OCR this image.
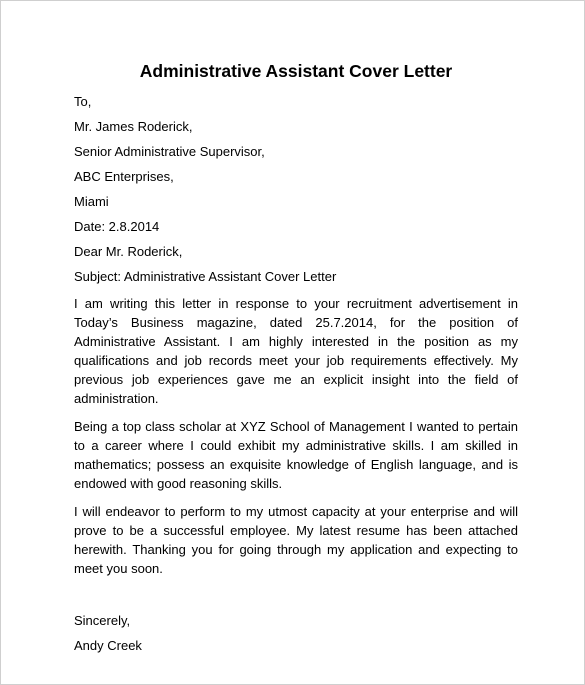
Administrative Assistant Cover Letter
To,
Mr. James Roderick,
Senior Administrative Supervisor,
ABC Enterprises,
Miami
Date: 2.8.2014
Dear Mr. Roderick,
Subject: Administrative Assistant Cover Letter
I am writing this letter in response to your recruitment advertisement in Today’s Business magazine, dated 25.7.2014, for the position of Administrative Assistant. I am highly interested in the position as my qualifications and job records meet your job requirements effectively. My previous job experiences gave me an explicit insight into the field of administration.
Being a top class scholar at XYZ School of Management I wanted to pertain to a career where I could exhibit my administrative skills. I am skilled in mathematics; possess an exquisite knowledge of English language, and is endowed with good reasoning skills.
I will endeavor to perform to my utmost capacity at your enterprise and will prove to be a successful employee. My latest resume has been attached herewith. Thanking you for going through my application and expecting to meet you soon.
Sincerely,
Andy Creek
